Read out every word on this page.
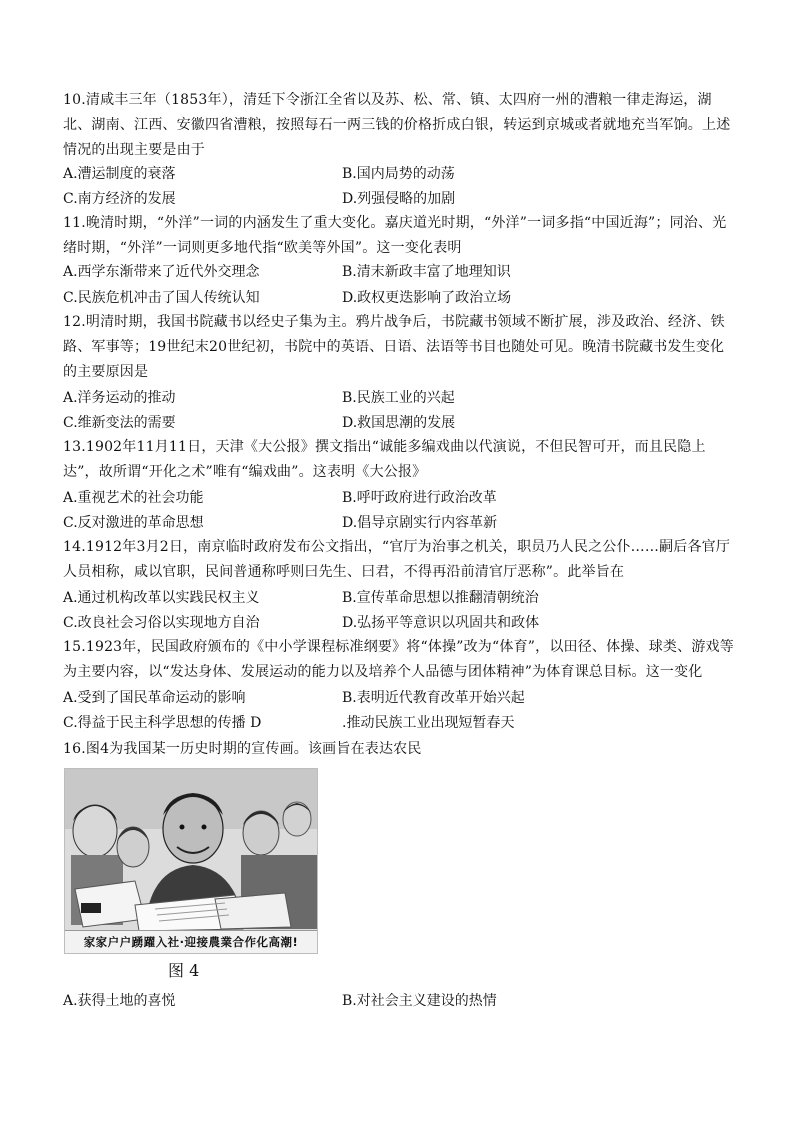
10.清咸丰三年（1853年），清廷下令浙江全省以及苏、松、常、镇、太四府一州的漕粮一律走海运，湖北、湖南、江西、安徽四省漕粮，按照每石一两三钱的价格折成白银，转运到京城或者就地充当军饷。上述情况的出现主要是由于
A.漕运制度的衰落	B.国内局势的动荡
C.南方经济的发展	D.列强侵略的加剧
11.晚清时期，“外洋”一词的内涵发生了重大变化。嘉庆道光时期，“外洋”一词多指“中国近海”；同治、光绪时期，“外洋”一词则更多地代指“欧美等外国”。这一变化表明
A.西学东渐带来了近代外交理念	B.清末新政丰富了地理知识
C.民族危机冲击了国人传统认知	D.政权更迭影响了政治立场
12.明清时期，我国书院藏书以经史子集为主。鸦片战争后，书院藏书领域不断扩展，涉及政治、经济、铁路、军事等；19世纪末20世纪初，书院中的英语、日语、法语等书目也随处可见。晚清书院藏书发生变化的主要原因是
A.洋务运动的推动	B.民族工业的兴起
C.维新变法的需要	D.救国思潮的发展
13.1902年11月11日，天津《大公报》撰文指出“诚能多编戏曲以代演说，不但民智可开，而且民隐上达”，故所谓“开化之术”唯有“编戏曲”。这表明《大公报》
A.重视艺术的社会功能	B.呼吁政府进行政治改革
C.反对激进的革命思想	D.倡导京剧实行内容革新
14.1912年3月2日，南京临时政府发布公文指出，“官厅为治事之机关，职员乃人民之公仆……嗣后各官厅人员相称，咸以官职，民间普通称呼则曰先生、曰君，不得再沿前清官厅恶称”。此举旨在
A.通过机构改革以实践民权主义	B.宣传革命思想以推翻清朝统治
C.改良社会习俗以实现地方自治	D.弘扬平等意识以巩固共和政体
15.1923年，民国政府颁布的《中小学课程标准纲要》将“体操”改为“体育”，以田径、体操、球类、游戏等为主要内容，以“发达身体、发展运动的能力以及培养个人品德与团体精神”为体育课总目标。这一变化
A.受到了国民革命运动的影响	B.表明近代教育改革开始兴起
C.得益于民主科学思想的传播 D	.推动民族工业出现短暂春天
16.图4为我国某一历史时期的宣传画。该画旨在表达农民
家家户户踴躍入社·迎接農業合作化高潮!
图 4
A.获得土地的喜悦	B.对社会主义建设的热情
